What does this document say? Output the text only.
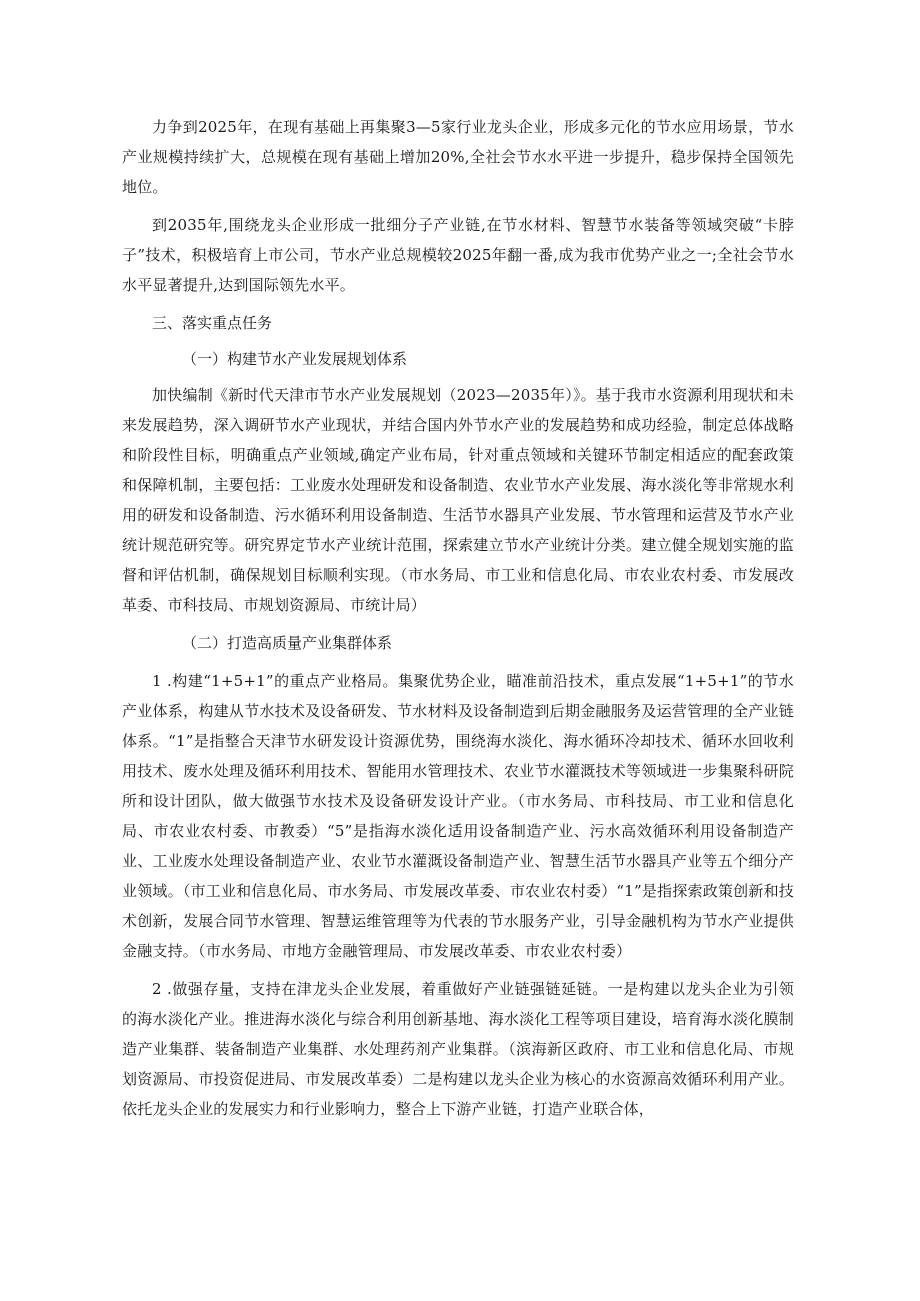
力争到2025年，在现有基础上再集聚3—5家行业龙头企业，形成多元化的节水应用场景，节水产业规模持续扩大，总规模在现有基础上增加20%,全社会节水水平进一步提升，稳步保持全国领先地位。

到2035年,围绕龙头企业形成一批细分子产业链,在节水材料、智慧节水装备等领域突破“卡脖子”技术，积极培育上市公司，节水产业总规模较2025年翻一番,成为我市优势产业之一;全社会节水水平显著提升,达到国际领先水平。

三、落实重点任务

（一）构建节水产业发展规划体系

加快编制《新时代天津市节水产业发展规划（2023—2035年）》。基于我市水资源利用现状和未来发展趋势，深入调研节水产业现状，并结合国内外节水产业的发展趋势和成功经验，制定总体战略和阶段性目标，明确重点产业领域,确定产业布局，针对重点领域和关键环节制定相适应的配套政策和保障机制，主要包括：工业废水处理研发和设备制造、农业节水产业发展、海水淡化等非常规水利用的研发和设备制造、污水循环利用设备制造、生活节水器具产业发展、节水管理和运营及节水产业统计规范研究等。研究界定节水产业统计范围，探索建立节水产业统计分类。建立健全规划实施的监督和评估机制，确保规划目标顺利实现。（市水务局、市工业和信息化局、市农业农村委、市发展改革委、市科技局、市规划资源局、市统计局）

（二）打造高质量产业集群体系

1 .构建“1+5+1”的重点产业格局。集聚优势企业，瞄准前沿技术，重点发展“1+5+1”的节水产业体系，构建从节水技术及设备研发、节水材料及设备制造到后期金融服务及运营管理的全产业链体系。“1”是指整合天津节水研发设计资源优势，围绕海水淡化、海水循环冷却技术、循环水回收利用技术、废水处理及循环利用技术、智能用水管理技术、农业节水灌溉技术等领域进一步集聚科研院所和设计团队，做大做强节水技术及设备研发设计产业。（市水务局、市科技局、市工业和信息化局、市农业农村委、市教委）“5”是指海水淡化适用设备制造产业、污水高效循环利用设备制造产业、工业废水处理设备制造产业、农业节水灌溉设备制造产业、智慧生活节水器具产业等五个细分产业领域。（市工业和信息化局、市水务局、市发展改革委、市农业农村委）“1”是指探索政策创新和技术创新，发展合同节水管理、智慧运维管理等为代表的节水服务产业，引导金融机构为节水产业提供金融支持。（市水务局、市地方金融管理局、市发展改革委、市农业农村委）

2 .做强存量，支持在津龙头企业发展，着重做好产业链强链延链。一是构建以龙头企业为引领的海水淡化产业。推进海水淡化与综合利用创新基地、海水淡化工程等项目建设，培育海水淡化膜制造产业集群、装备制造产业集群、水处理药剂产业集群。（滨海新区政府、市工业和信息化局、市规划资源局、市投资促进局、市发展改革委）二是构建以龙头企业为核心的水资源高效循环利用产业。依托龙头企业的发展实力和行业影响力，整合上下游产业链，打造产业联合体，
